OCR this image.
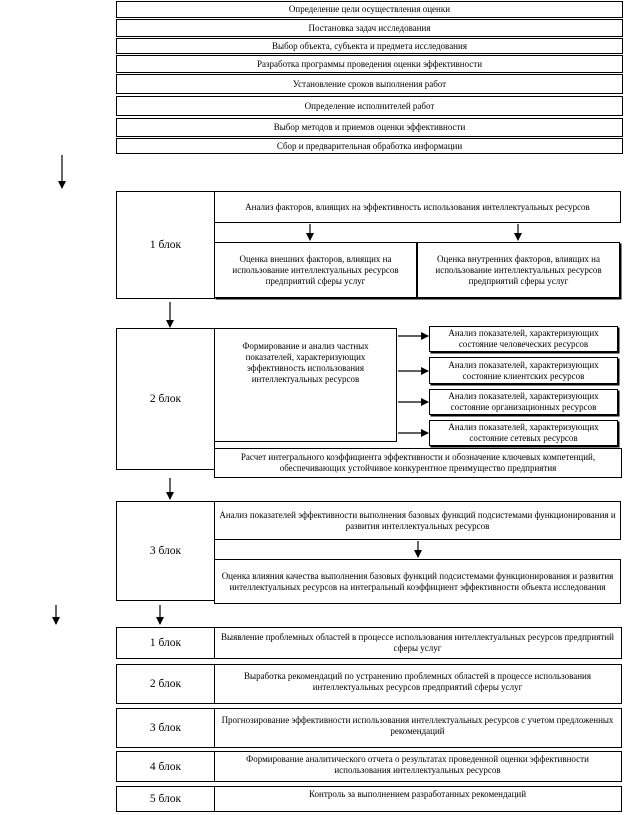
Определение цели осуществления оценки
Постановка задач исследования
Выбор объекта, субъекта и предмета исследования
Разработка программы проведения оценки эффективности
Установление сроков выполнения работ
Определение исполнителей работ
Выбор методов и приемов оценки эффективности
Сбор и предварительная обработка информации
1 блок
Анализ факторов, влиящих на эффективность использования интеллектуальных ресурсов
Оценка внешних факторов, влиящих на использование интеллектуальных ресурсов предприятий сферы услуг
Оценка внутренних факторов, влиящих на использование интеллектуальных ресурсов предприятий сферы услуг
2 блок
Формирование и анализ частных показателей, характеризующих эффективность использования интеллектуальных ресурсов
Анализ показателей, характеризующих состояние человеческих ресурсов
Анализ показателей, характеризующих состояние клиентских ресурсов
Анализ показателей, характеризующих состояние организационных ресурсов
Анализ показателей, характеризующих состояние сетевых ресурсов
Расчет интегрального коэффициента эффективности и обозначение ключевых компетенций, обеспечивающих устойчивое конкурентное преимущество предприятия
3 блок
Анализ показателей эффективности выполнения базовых функций подсистемами функционирования и развития интеллектуальных ресурсов
Оценка влияния качества выполнения базовых функций подсистемами функционирования и развития интеллектуальных ресурсов на интегральный коэффициент эффективности объекта исследования
1 блок	Выявление проблемных областей в процессе использования интеллектуальных ресурсов предприятий сферы услуг
2 блок
Выработка рекомендаций по устранению проблемных областей в процессе использования интеллектуальных ресурсов предприятий сферы услуг
3 блок
Прогнозирование эффективности использования интеллектуальных ресурсов с учетом предложенных рекомендаций
4 блок
Формирование аналитического отчета о результатах проведенной оценки эффективности использования интеллектуальных ресурсов
5 блок	Контроль за выполнением разработанных рекомендаций
